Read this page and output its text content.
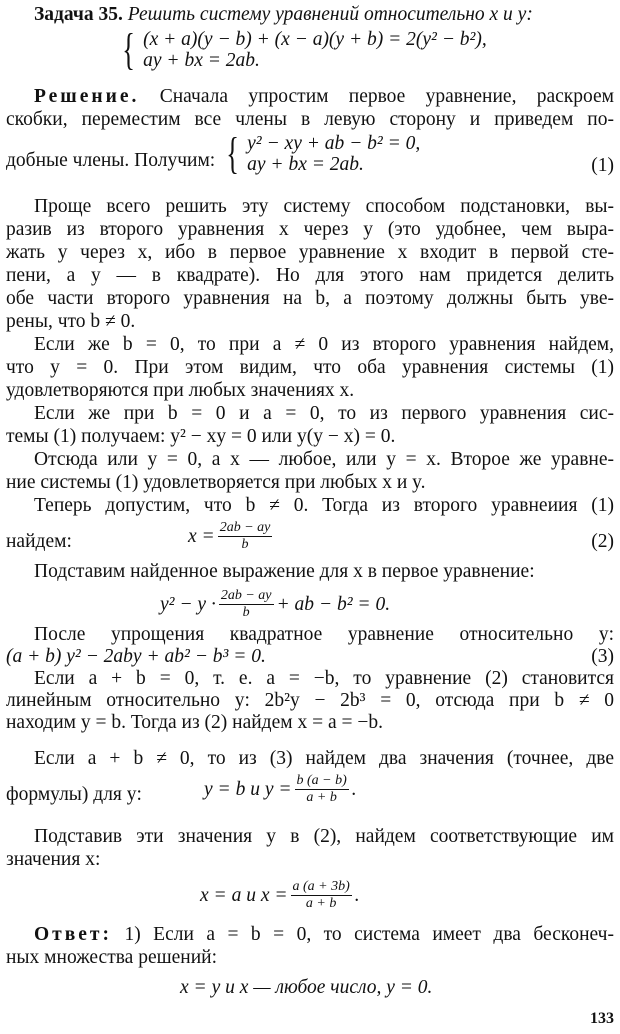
Задача 35. Решить систему уравнений относительно x и y:
{ (x + a)(y − b) + (x − a)(y + b) = 2(y² − b²),
ay + bx = 2ab.
Решение. Сначала упростим первое уравнение, раскроем
скобки, переместим все члены в левую сторону и приведем по-
добные члены. Получим: { y² − xy + ab − b² = 0,
ay + bx = 2ab.	(1)
Проще всего решить эту систему способом подстановки, вы-
разив из второго уравнения x через y (это удобнее, чем выра-
жать y через x, ибо в первое уравнение x входит в первой сте-
пени, а y — в квадрате). Но для этого нам придется делить
обе части второго уравнения на b, а поэтому должны быть уве-
рены, что b ≠ 0.
Если же b = 0, то при a ≠ 0 из второго уравнения найдем,
что y = 0. При этом видим, что оба уравнения системы (1)
удовлетворяются при любых значениях x.
Если же при b = 0 и a = 0, то из первого уравнения сис-
темы (1) получаем: y² − xy = 0 или y(y − x) = 0.
Отсюда или y = 0, а x — любое, или y = x. Второе же уравне-
ние системы (1) удовлетворяется при любых x и y.
Теперь допустим, что b ≠ 0. Тогда из второго уравнеиия (1)
найдем:	$x = \frac{2ab - ay}{b}$	(2)
Подставим найденное выражение для x в первое уравнение:
$y^2 - y \cdot \frac{2ab - ay}{b}$ + ab − b² = 0.
После упрощения квадратное уравнение относительно y:
(a + b) y² − 2aby + ab² − b³ = 0.	(3)
Если a + b = 0, т. е. a = −b, то уравнение (2) становится
линейным относительно y: 2b²y − 2b³ = 0, отсюда при b ≠ 0
находим y = b. Тогда из (2) найдем x = a = −b.
Если a + b ≠ 0, то из (3) найдем два значения (точнее, две
формулы) для y:	y = b и $y = \frac{b (a - b)}{a + b}$ .
Подставив эти значения y в (2), найдем соответствующие им
значения x:
x = a и $x = \frac{a (a + 3b)}{a + b}$ .
Ответ: 1) Если a = b = 0, то система имеет два бесконеч-
ных множества решений:
x = y и x — любое число, y = 0.
133
